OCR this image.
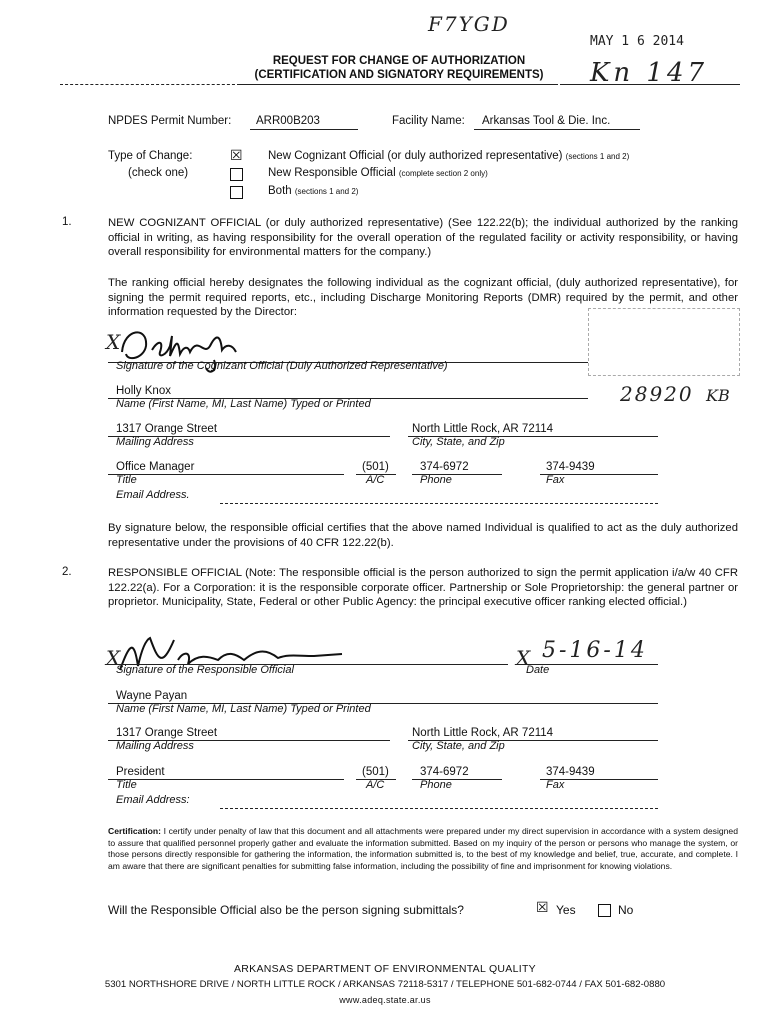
F7YGD
MAY 1 6 2014
REQUEST FOR CHANGE OF AUTHORIZATION
(CERTIFICATION AND SIGNATORY REQUIREMENTS)	Kn 147
NPDES Permit Number: ARR00B203	Facility Name: Arkansas Tool & Die. Inc.
Type of Change:
(check one)
☒ New Cognizant Official (or duly authorized representative) (sections 1 and 2)
New Responsible Official (complete section 2 only)
Both (sections 1 and 2)
1.	NEW COGNIZANT OFFICIAL (or duly authorized representative) (See 122.22(b); the individual authorized by the ranking official in writing, as having responsibility for the overall operation of the regulated facility or activity responsibility, or having overall responsibility for environmental matters for the company.)
The ranking official hereby designates the following individual as the cognizant official, (duly authorized representative), for signing the permit required reports, etc., including Discharge Monitoring Reports (DMR) required by the permit, and other information requested by the Director:
28920 KB
X
Signature of the Cognizant Official (Duly Authorized Representative)
Holly Knox
Name (First Name, MI, Last Name) Typed or Printed
1317 Orange Street
Mailing Address
North Little Rock, AR 72114
City, State, and Zip
Office Manager
Title
(501)
A/C
374-6972
Phone
374-9439
Fax
Email Address.
By signature below, the responsible official certifies that the above named Individual is qualified to act as the duly authorized representative under the provisions of 40 CFR 122.22(b).
2.	RESPONSIBLE OFFICIAL (Note: The responsible official is the person authorized to sign the permit application i/a/w 40 CFR 122.22(a). For a Corporation: it is the responsible corporate officer. Partnership or Sole Proprietorship: the general partner or proprietor. Municipality, State, Federal or other Public Agency: the principal executive officer ranking elected official.)
X
Signature of the Responsible Official	X 5-16-14
Date
Wayne Payan
Name (First Name, MI, Last Name) Typed or Printed
1317 Orange Street
Mailing Address
North Little Rock, AR 72114
City, State, and Zip
President
Title
(501)
A/C
374-6972
Phone
374-9439
Fax
Email Address:
Certification: I certify under penalty of law that this document and all attachments were prepared under my direct supervision in accordance with a system designed to assure that qualified personnel properly gather and evaluate the information submitted. Based on my inquiry of the person or persons who manage the system, or those persons directly responsible for gathering the information, the information submitted is, to the best of my knowledge and belief, true, accurate, and complete. I am aware that there are significant penalties for submitting false information, including the possibility of fine and imprisonment for knowing violations.
Will the Responsible Official also be the person signing submittals?	☒ Yes	No
ARKANSAS DEPARTMENT OF ENVIRONMENTAL QUALITY
5301 NORTHSHORE DRIVE / NORTH LITTLE ROCK / ARKANSAS 72118-5317 / TELEPHONE 501-682-0744 / FAX 501-682-0880
www.adeq.state.ar.us
